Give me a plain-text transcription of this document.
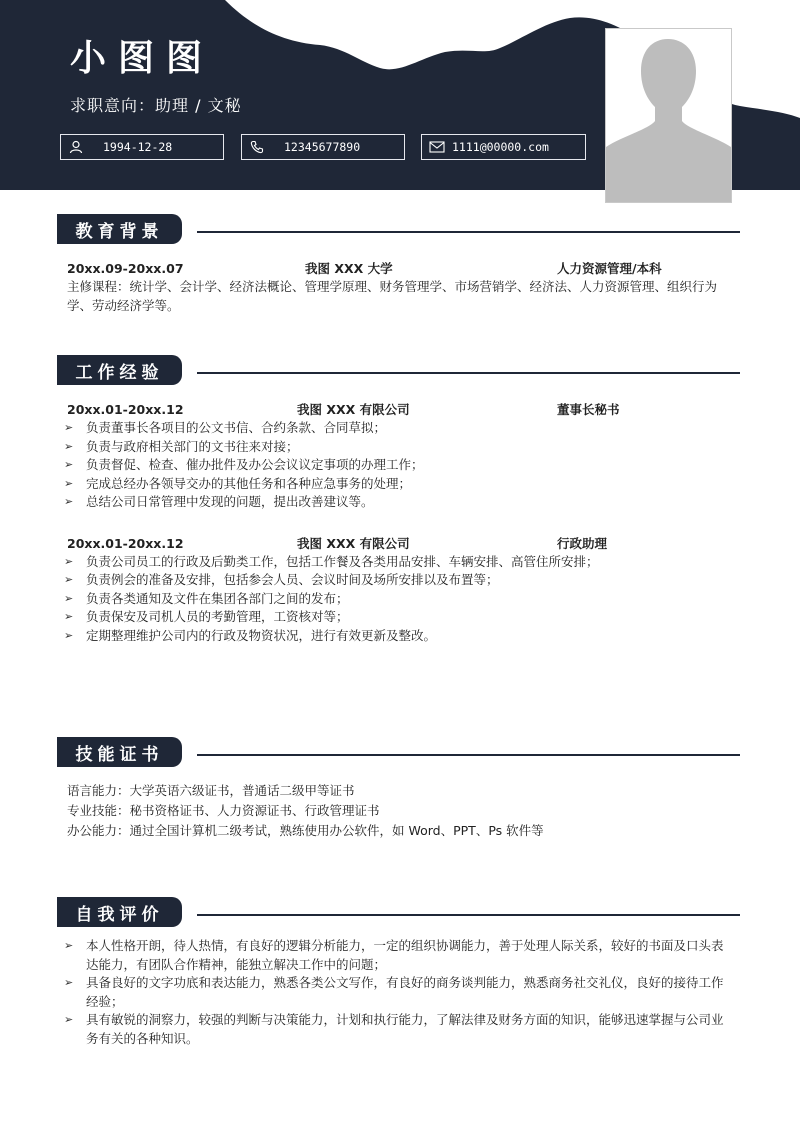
小图图
求职意向：助理 / 文秘
1994-12-28	12345677890	1111@00000.com
教育背景
20xx.09-20xx.07	我图 XXX 大学	人力资源管理/本科

主修课程：统计学、会计学、经济法概论、管理学原理、财务管理学、市场营销学、经济法、人力资源管理、组织行为学、劳动经济学等。

工作经验
20xx.01-20xx.12	我图 XXX 有限公司	董事长秘书
➢ 负责董事长各项目的公文书信、合约条款、合同草拟；
➢ 负责与政府相关部门的文书往来对接；
➢ 负责督促、检查、催办批件及办公会议议定事项的办理工作；
➢ 完成总经办各领导交办的其他任务和各种应急事务的处理；
➢ 总结公司日常管理中发现的问题，提出改善建议等。
20xx.01-20xx.12	我图 XXX 有限公司	行政助理
➢ 负责公司员工的行政及后勤类工作，包括工作餐及各类用品安排、车辆安排、高管住所安排；
➢ 负责例会的准备及安排，包括参会人员、会议时间及场所安排以及布置等；
➢ 负责各类通知及文件在集团各部门之间的发布；
➢ 负责保安及司机人员的考勤管理，工资核对等；
➢ 定期整理维护公司内的行政及物资状况，进行有效更新及整改。
技能证书

语言能力：大学英语六级证书，普通话二级甲等证书

专业技能：秘书资格证书、人力资源证书、行政管理证书

办公能力：通过全国计算机二级考试，熟练使用办公软件，如 Word、PPT、Ps 软件等

自我评价
➢ 本人性格开朗，待人热情，有良好的逻辑分析能力，一定的组织协调能力，善于处理人际关系，较好的书面及口头表达能力，有团队合作精神，能独立解决工作中的问题；
➢ 具备良好的文字功底和表达能力，熟悉各类公文写作，有良好的商务谈判能力，熟悉商务社交礼仪，良好的接待工作经验；
➢ 具有敏锐的洞察力，较强的判断与决策能力，计划和执行能力，了解法律及财务方面的知识，能够迅速掌握与公司业务有关的各种知识。
